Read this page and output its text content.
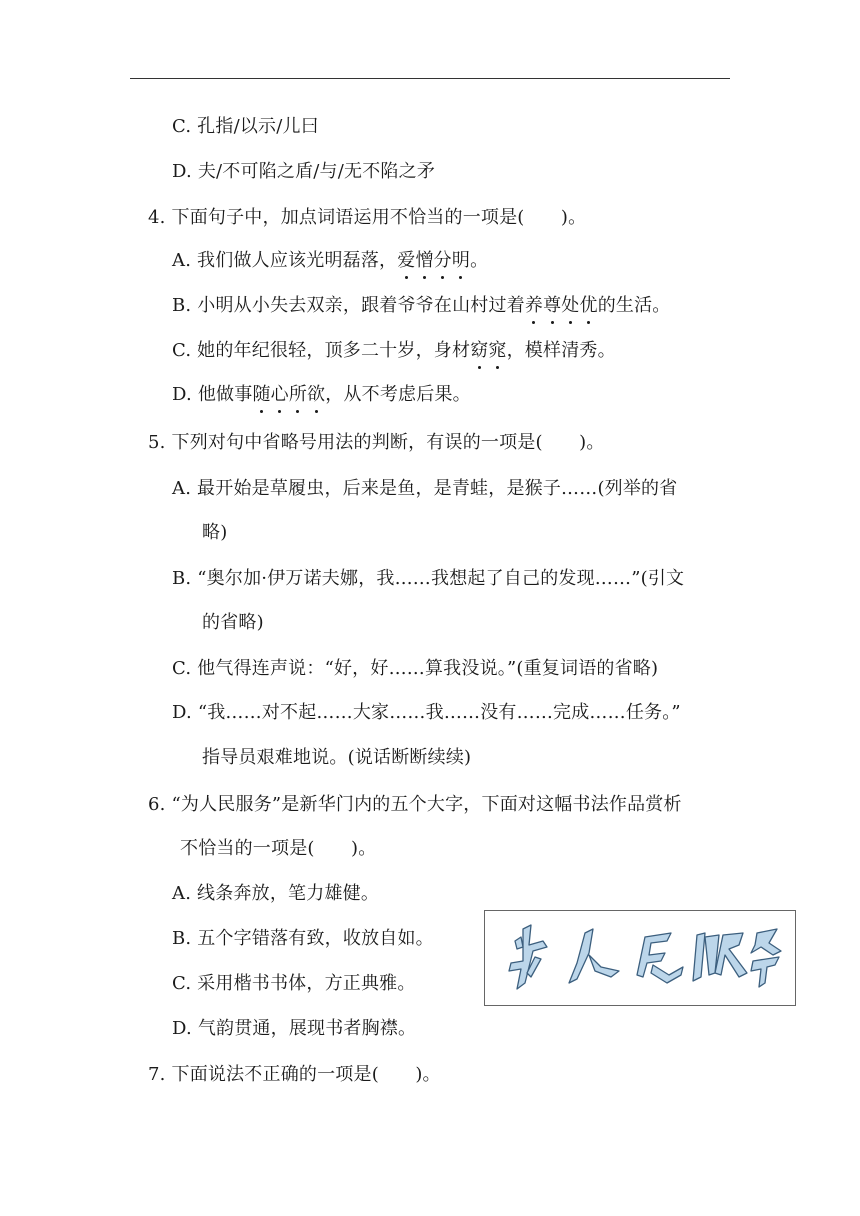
C. 孔指/以示/儿曰
D. 夫/不可陷之盾/与/无不陷之矛
4. 下面句子中，加点词语运用不恰当的一项是(　　)。
A. 我们做人应该光明磊落，爱憎分明。
B. 小明从小失去双亲，跟着爷爷在山村过着养尊处优的生活。
C. 她的年纪很轻，顶多二十岁，身材窈窕，模样清秀。
D. 他做事随心所欲，从不考虑后果。
5. 下列对句中省略号用法的判断，有误的一项是(　　)。
A. 最开始是草履虫，后来是鱼，是青蛙，是猴子……(列举的省
略)
B. “奥尔加·伊万诺夫娜，我……我想起了自己的发现……”(引文
的省略)
C. 他气得连声说：“好，好……算我没说。”(重复词语的省略)
D. “我……对不起……大家……我……没有……完成……任务。”
指导员艰难地说。(说话断断续续)
6. “为人民服务”是新华门内的五个大字，下面对这幅书法作品赏析
不恰当的一项是(　　)。
A. 线条奔放，笔力雄健。
B. 五个字错落有致，收放自如。
C. 采用楷书书体，方正典雅。
D. 气韵贯通，展现书者胸襟。
7. 下面说法不正确的一项是(　　)。
